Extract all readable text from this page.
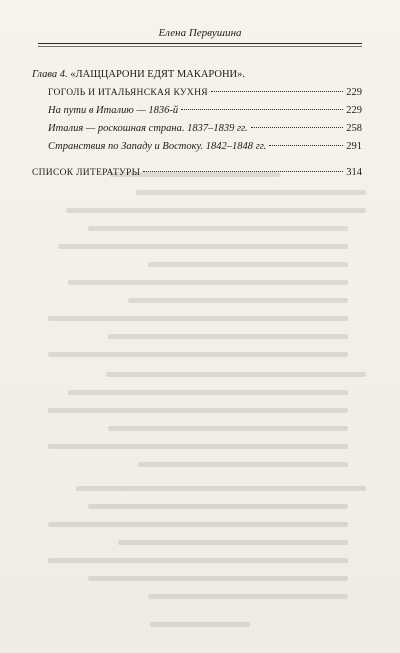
Елена Первушина
Глава 4. «ЛАЩЦАРОНИ ЕДЯТ МАКАРОНИ».
ГОГОЛЬ И ИТАЛЬЯНСКАЯ КУХНЯ	229
На пути в Италию — 1836-й	229
Италия — роскошная страна. 1837–1839 гг.	258
Странствия по Западу и Востоку. 1842–1848 гг.	291
СПИСОК ЛИТЕРАТУРЫ	314
